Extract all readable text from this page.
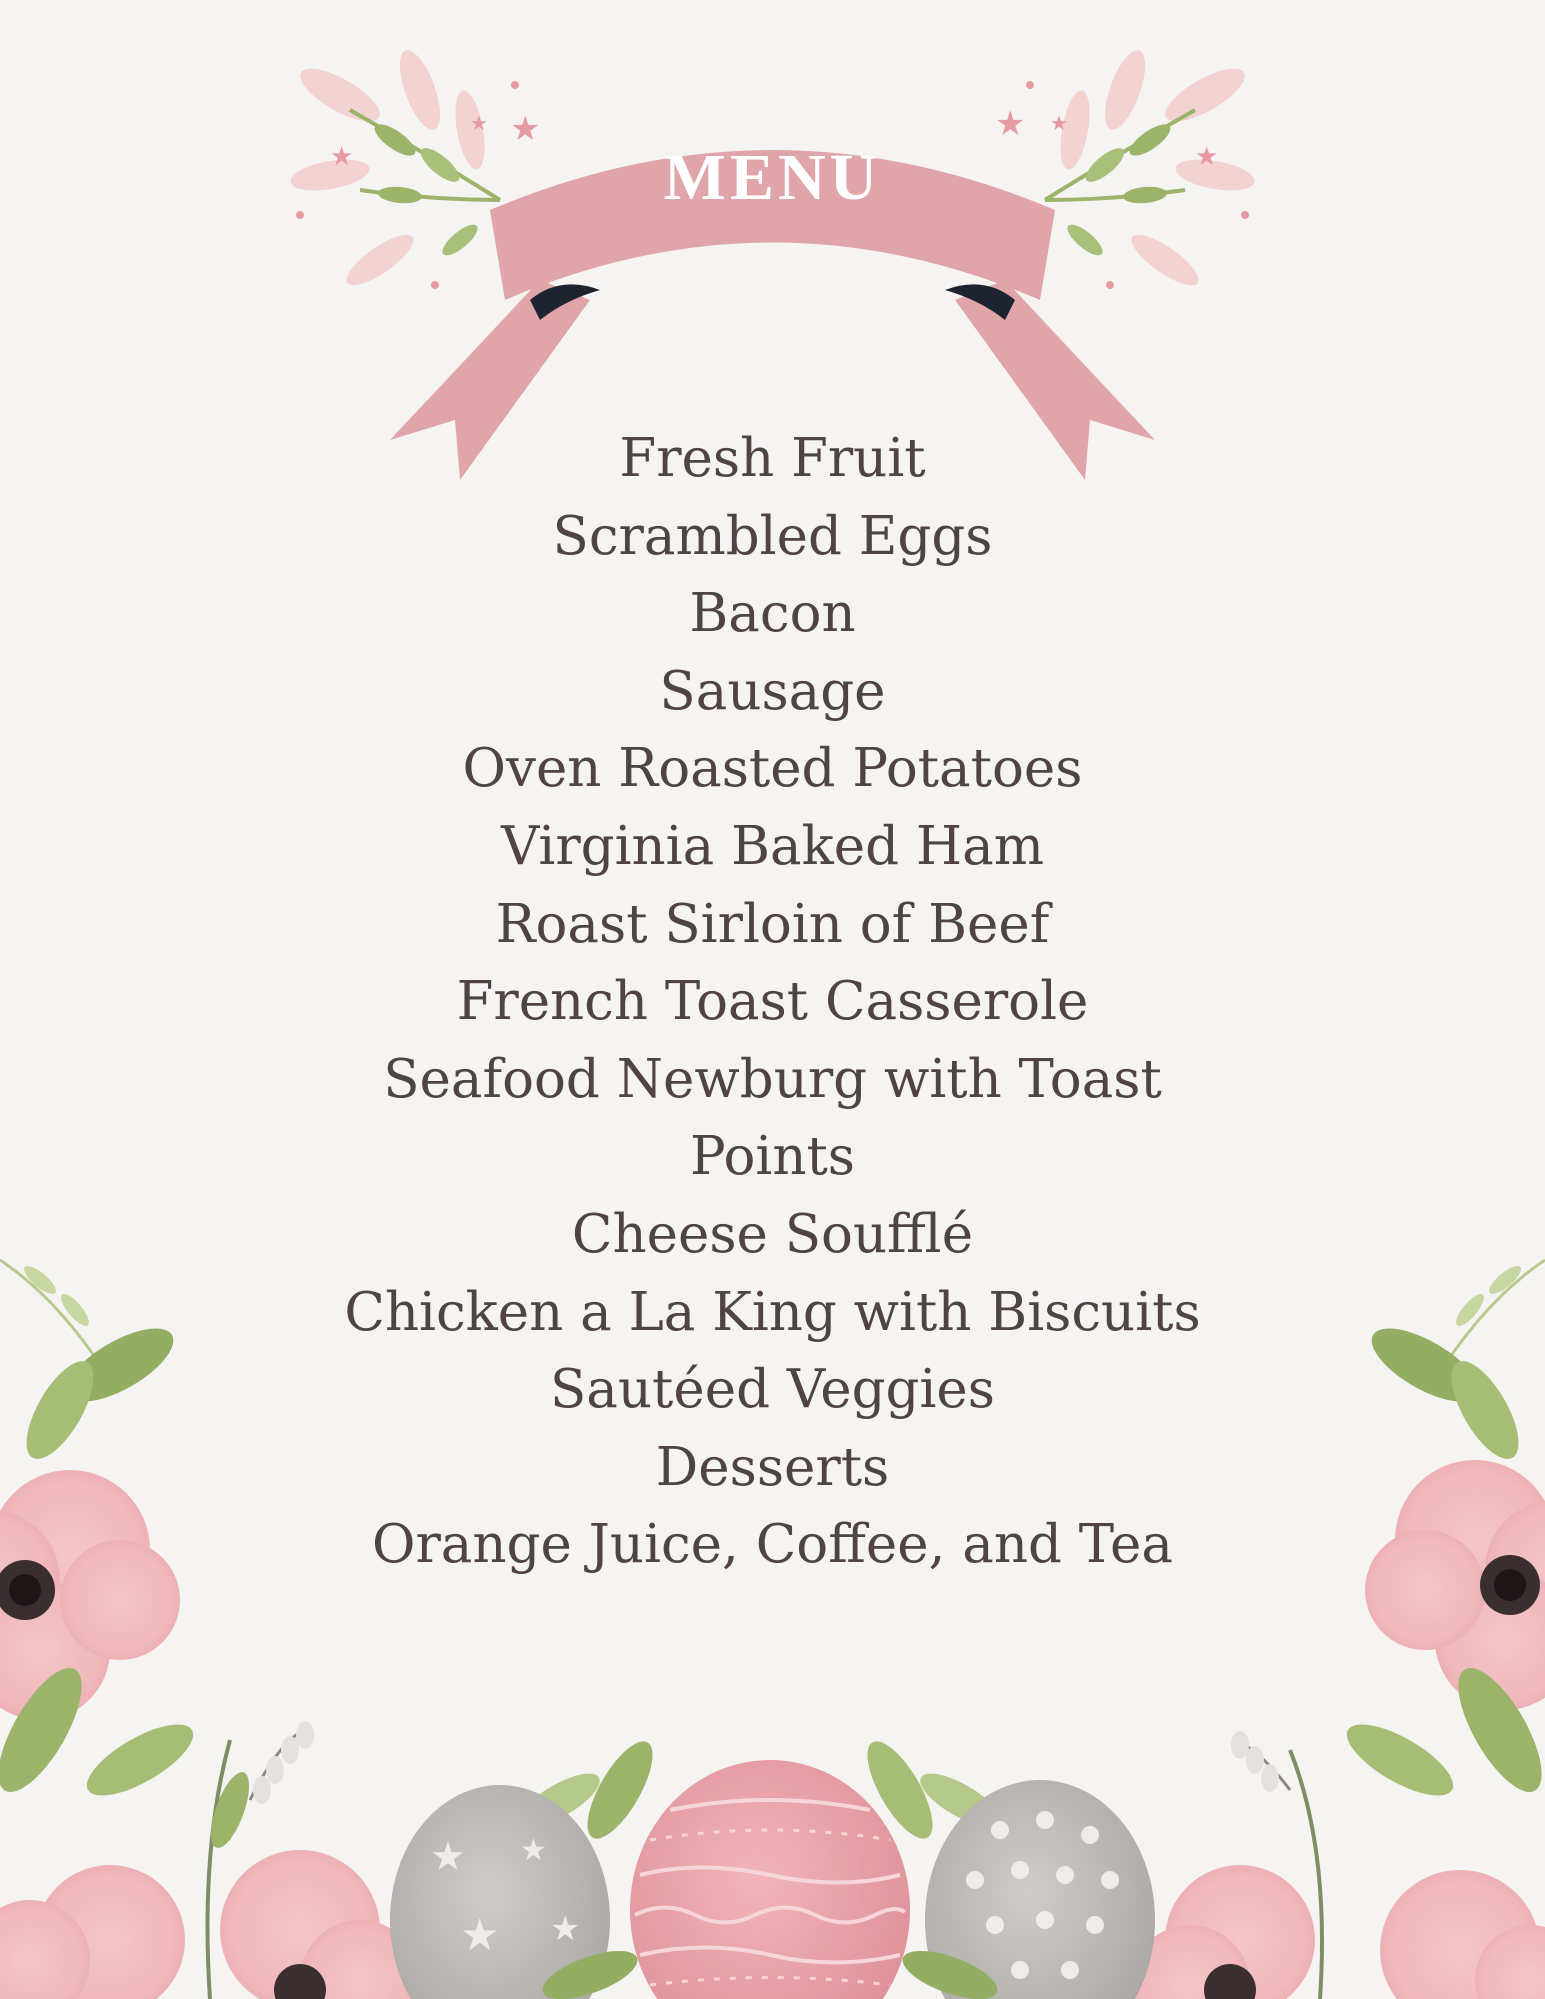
★
★
★	★
★
★
★ ★
★ ★
MENU
Fresh Fruit
Scrambled Eggs
Bacon
Sausage
Oven Roasted Potatoes
Virginia Baked Ham
Roast Sirloin of Beef
French Toast Casserole
Seafood Newburg with Toast
Points
Cheese Soufflé
Chicken a La King with Biscuits
Sautéed Veggies
Desserts
Orange Juice, Coffee, and Tea
